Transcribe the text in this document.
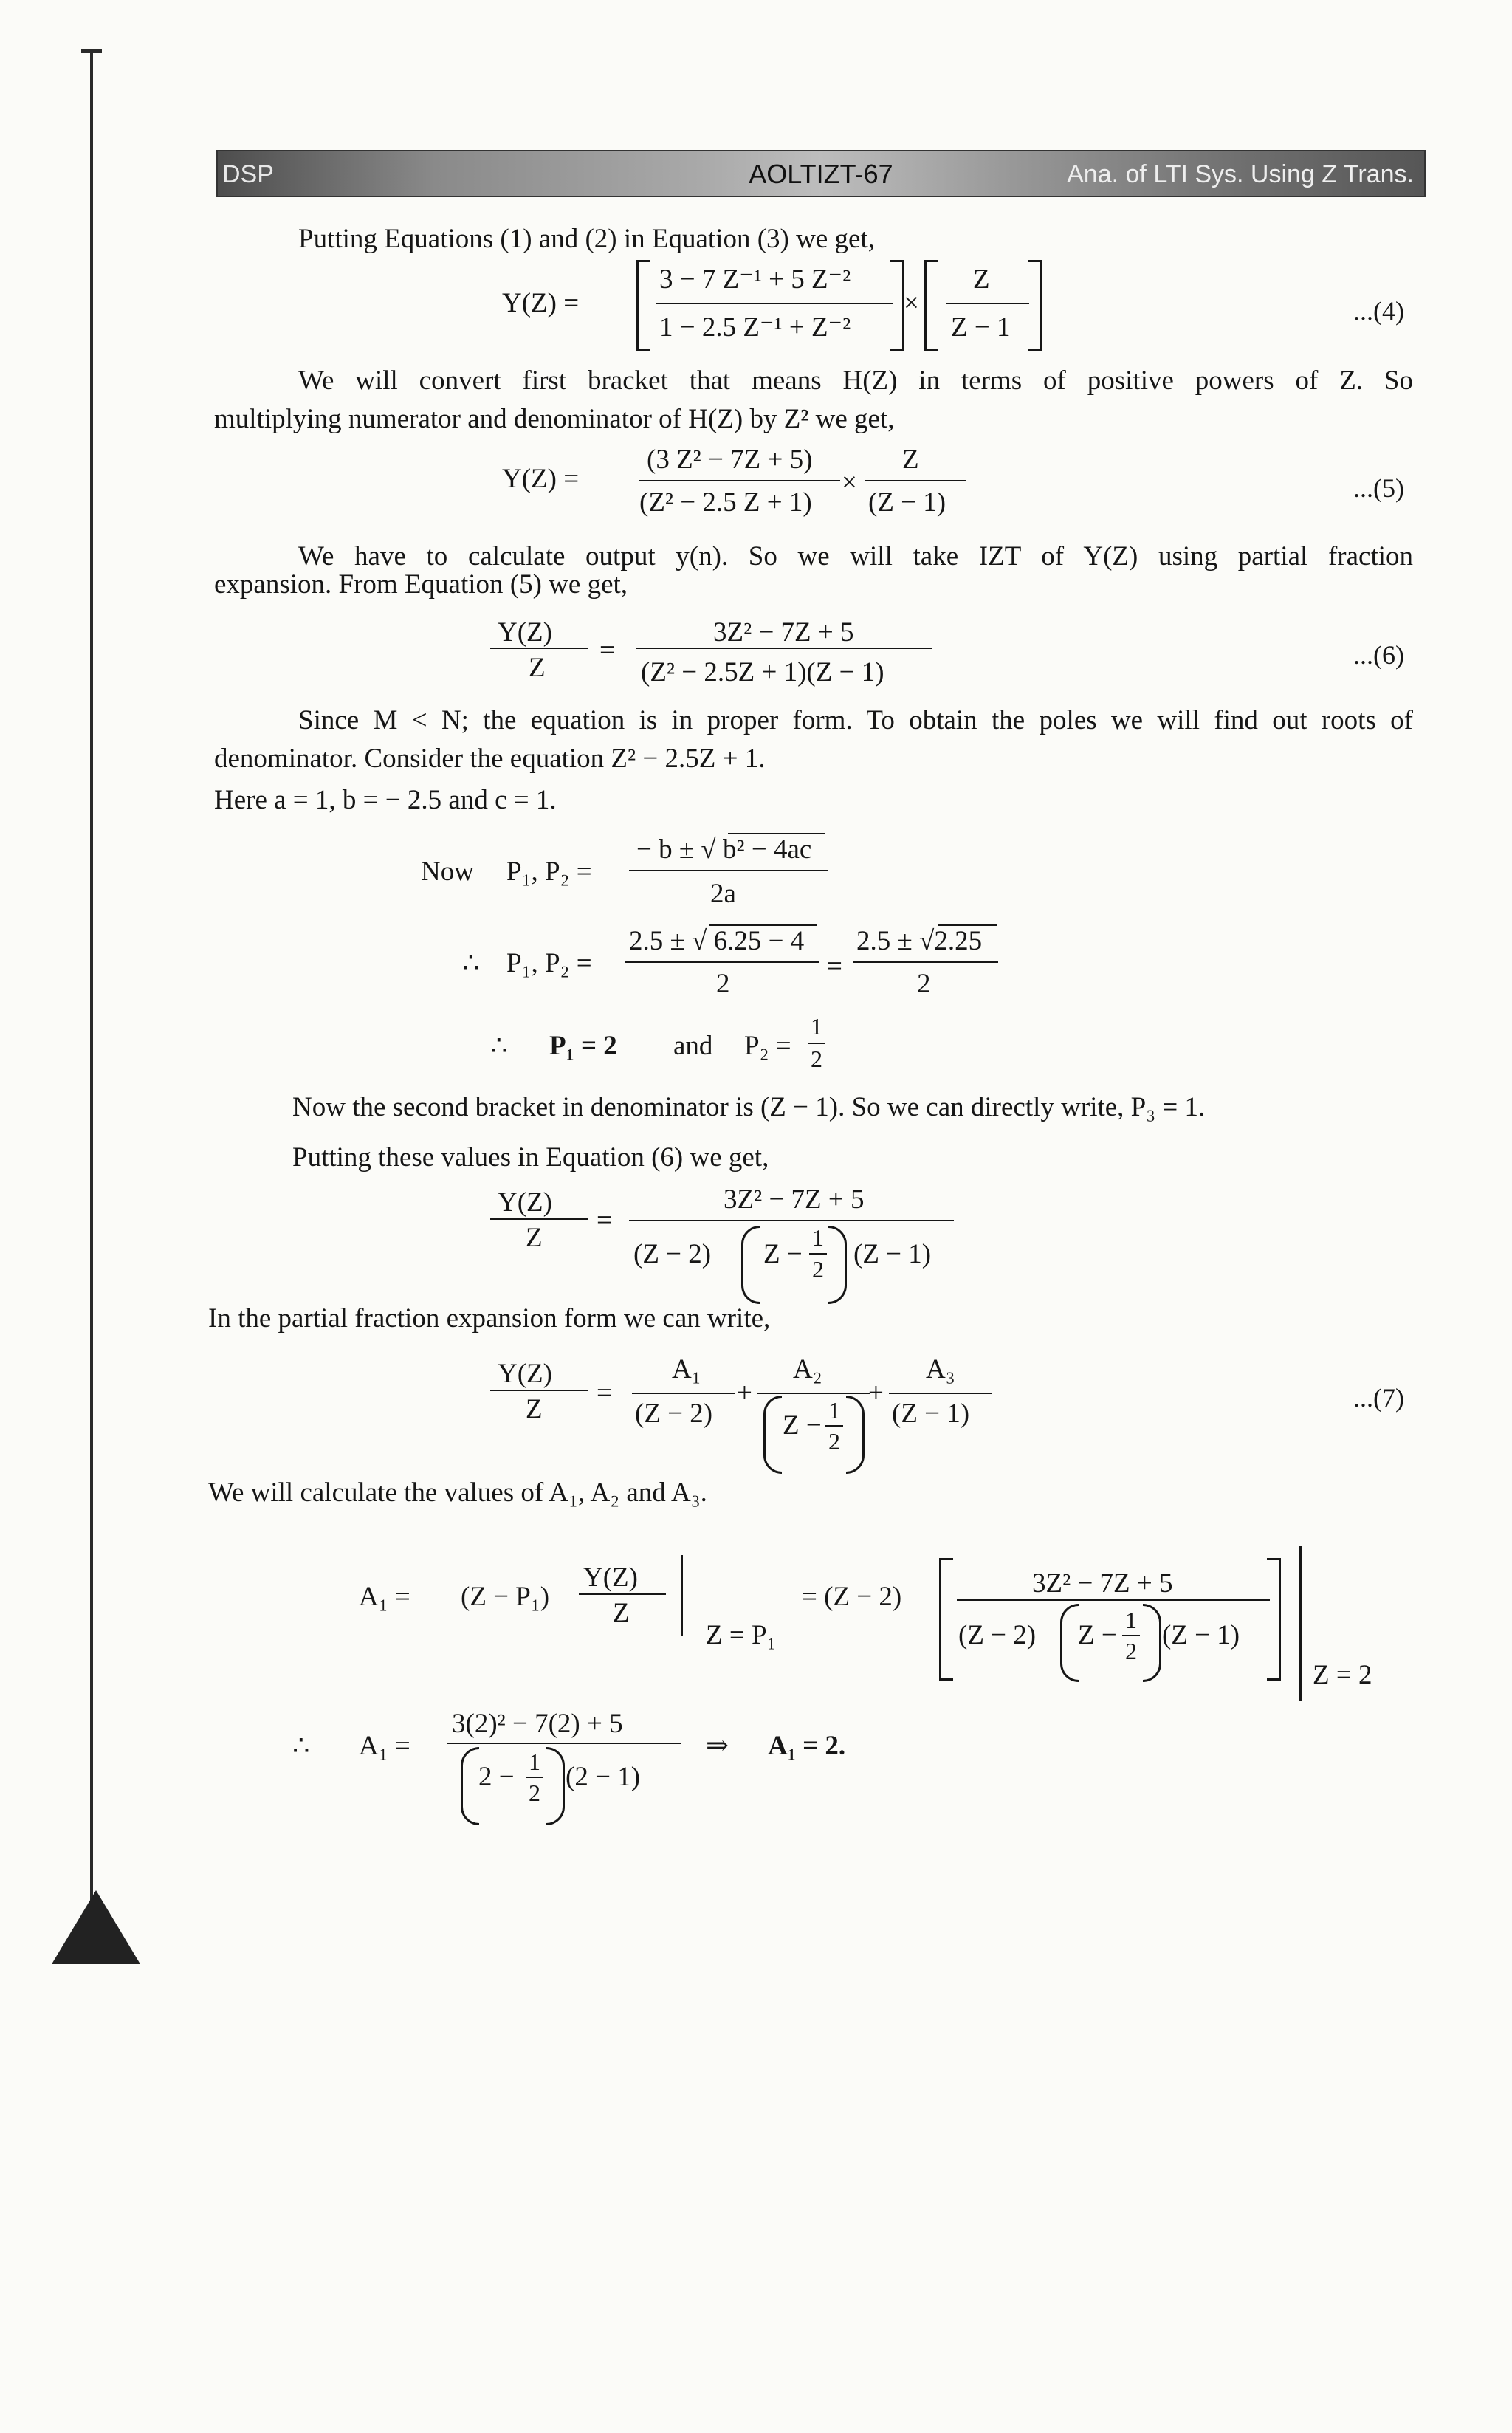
DSP	AOLTIZT-67	Ana. of LTI Sys. Using Z Trans.
Putting Equations (1) and (2) in Equation (3) we get,
Y(Z) =
3 − 7 Z⁻¹ + 5 Z⁻²
1 − 2.5 Z⁻¹ + Z⁻²
×
Z
Z − 1
...(4)
We will convert first bracket that means H(Z) in terms of positive powers of Z. So
multiplying numerator and denominator of H(Z) by Z² we get,
Y(Z) =
(3 Z² − 7Z + 5)
(Z² − 2.5 Z + 1)
×
Z
(Z − 1)	...(5)
We have to calculate output y(n). So we will take IZT of Y(Z) using partial fraction
expansion. From Equation (5) we get,
Y(Z)
Z
=
3Z² − 7Z + 5
(Z² − 2.5Z + 1)(Z − 1)
...(6)
Since M < N; the equation is in proper form. To obtain the poles we will find out roots of
denominator. Consider the equation Z² − 2.5Z + 1.
Here a = 1, b = − 2.5 and c = 1.
Now P₁, P₂ =
− b ± √ b² − 4ac
2a
∴ P₁, P₂ =
2.5 ± √ 6.25 − 4
2
=
2.5 ± √2.25
2
∴ P₁ = 2 and P₂ =
1
2
Now the second bracket in denominator is (Z − 1). So we can directly write, P₃ = 1.
Putting these values in Equation (6) we get,
Y(Z)
Z
=
3Z² − 7Z + 5
(Z − 2) Z −
1
2 (Z − 1)
In the partial fraction expansion form we can write,
Y(Z)
Z
=
A₁
(Z − 2)
+
A₂
Z − 1
2
+
A₃
(Z − 1)
...(7)
We will calculate the values of A₁, A₂ and A₃.
A₁ = (Z − P₁)
Y(Z)
Z
Z = P₁
= (Z − 2)	3Z² − 7Z + 5
(Z − 2) Z − 1
2
(Z − 1)
Z = 2
∴ A₁ =
3(2)² − 7(2) + 5
2 − 1
2
(2 − 1)
⇒ A₁ = 2.
